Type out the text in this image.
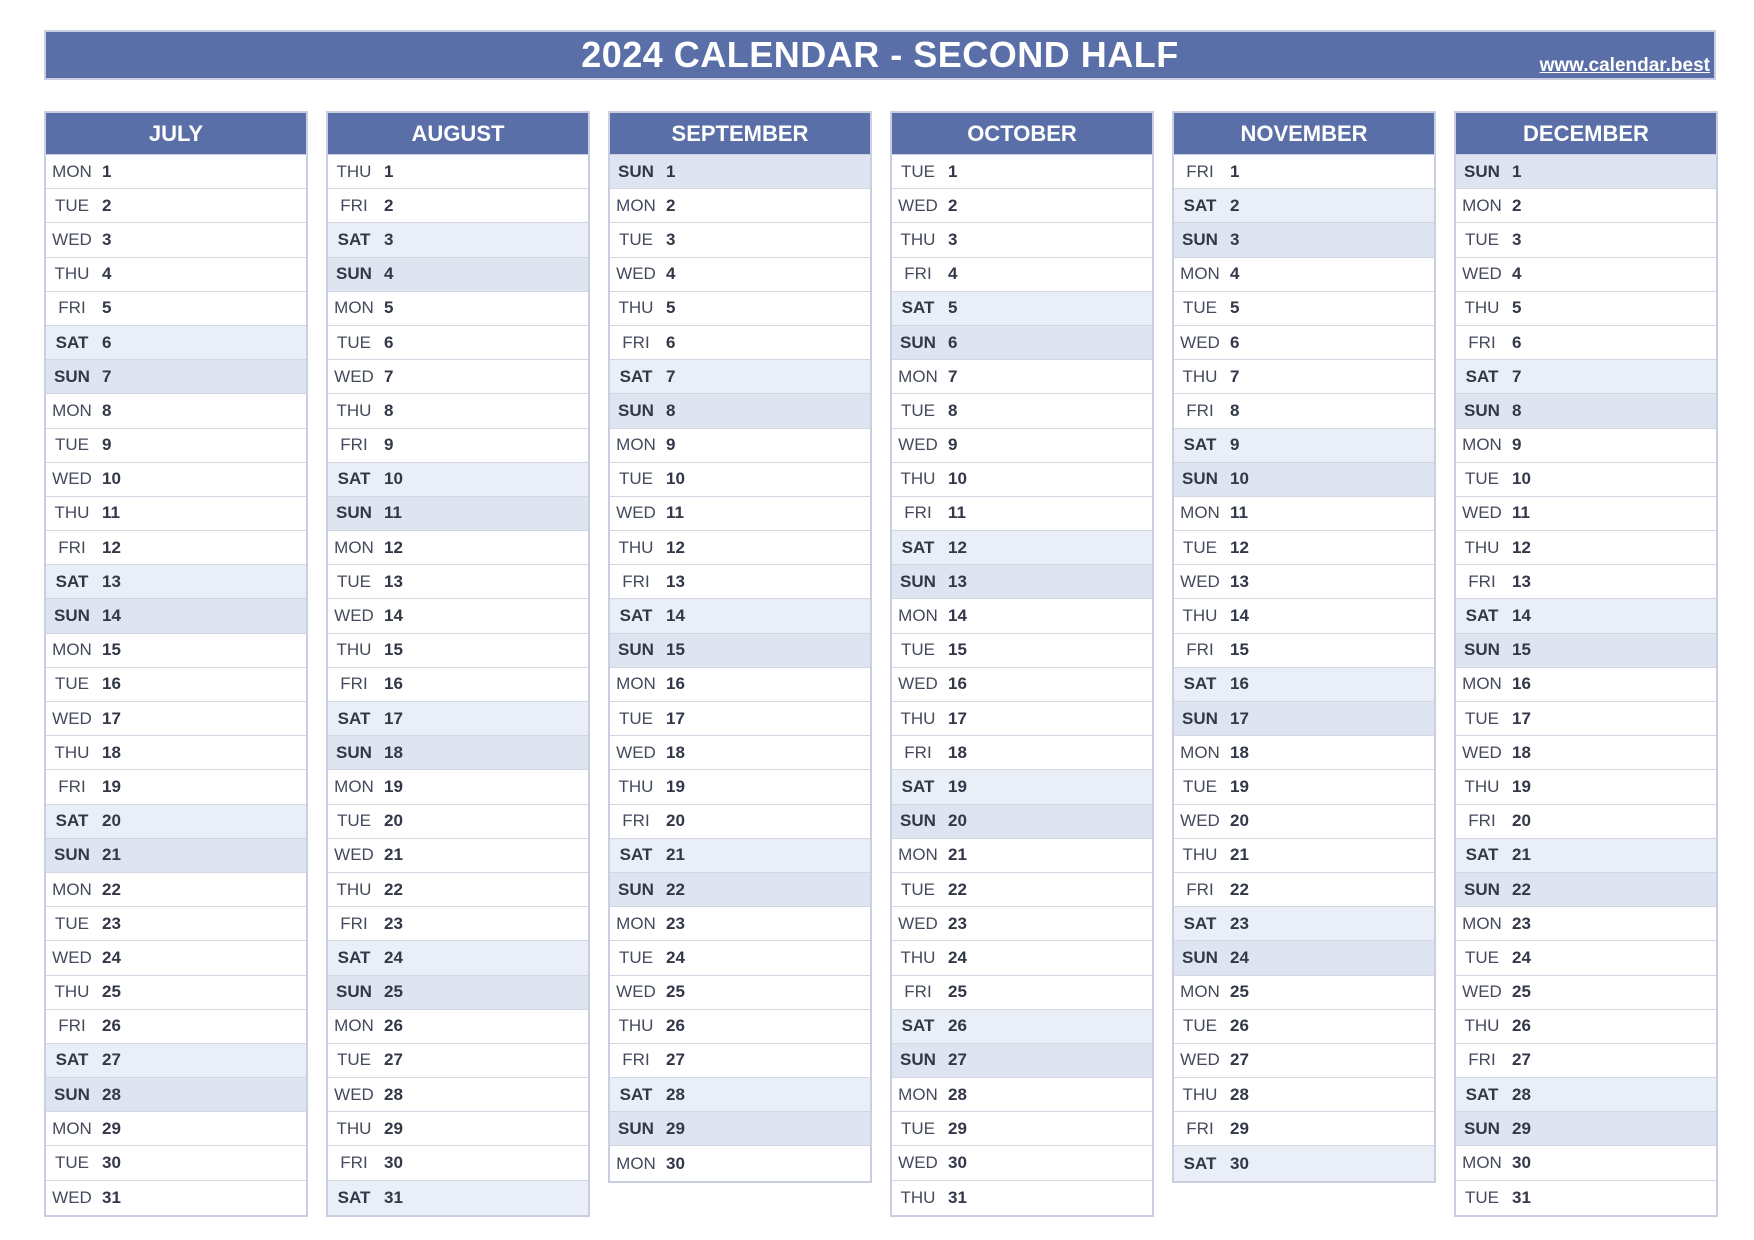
2024 CALENDAR - SECOND HALF	www.calendar.best
JULY
MON 1
TUE 2
WED 3
THU 4
FRI 5
SAT 6
SUN 7
MON 8
TUE 9
WED 10
THU 11
FRI 12
SAT 13
SUN 14
MON 15
TUE 16
WED 17
THU 18
FRI 19
SAT 20
SUN 21
MON 22
TUE 23
WED 24
THU 25
FRI 26
SAT 27
SUN 28
MON 29
TUE 30
WED 31
AUGUST
THU 1
FRI 2
SAT 3
SUN 4
MON 5
TUE 6
WED 7
THU 8
FRI 9
SAT 10
SUN 11
MON 12
TUE 13
WED 14
THU 15
FRI 16
SAT 17
SUN 18
MON 19
TUE 20
WED 21
THU 22
FRI 23
SAT 24
SUN 25
MON 26
TUE 27
WED 28
THU 29
FRI 30
SAT 31
SEPTEMBER
SUN 1
MON 2
TUE 3
WED 4
THU 5
FRI 6
SAT 7
SUN 8
MON 9
TUE 10
WED 11
THU 12
FRI 13
SAT 14
SUN 15
MON 16
TUE 17
WED 18
THU 19
FRI 20
SAT 21
SUN 22
MON 23
TUE 24
WED 25
THU 26
FRI 27
SAT 28
SUN 29
MON 30
OCTOBER
TUE 1
WED 2
THU 3
FRI 4
SAT 5
SUN 6
MON 7
TUE 8
WED 9
THU 10
FRI 11
SAT 12
SUN 13
MON 14
TUE 15
WED 16
THU 17
FRI 18
SAT 19
SUN 20
MON 21
TUE 22
WED 23
THU 24
FRI 25
SAT 26
SUN 27
MON 28
TUE 29
WED 30
THU 31
NOVEMBER
FRI 1
SAT 2
SUN 3
MON 4
TUE 5
WED 6
THU 7
FRI 8
SAT 9
SUN 10
MON 11
TUE 12
WED 13
THU 14
FRI 15
SAT 16
SUN 17
MON 18
TUE 19
WED 20
THU 21
FRI 22
SAT 23
SUN 24
MON 25
TUE 26
WED 27
THU 28
FRI 29
SAT 30
DECEMBER
SUN 1
MON 2
TUE 3
WED 4
THU 5
FRI 6
SAT 7
SUN 8
MON 9
TUE 10
WED 11
THU 12
FRI 13
SAT 14
SUN 15
MON 16
TUE 17
WED 18
THU 19
FRI 20
SAT 21
SUN 22
MON 23
TUE 24
WED 25
THU 26
FRI 27
SAT 28
SUN 29
MON 30
TUE 31
